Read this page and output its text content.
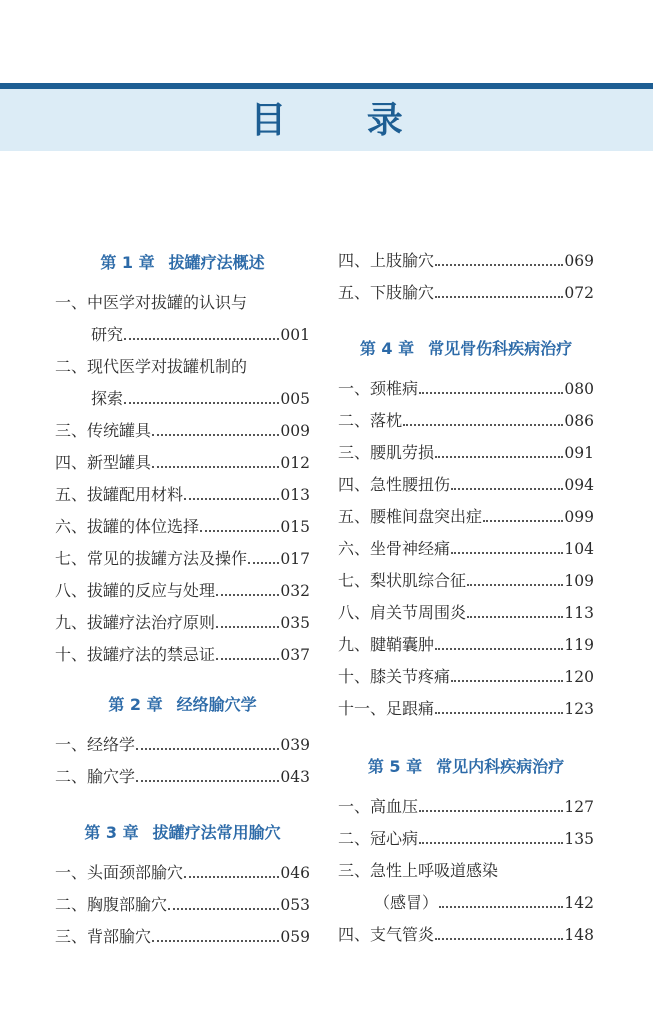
目 录
第 1 章 拔罐疗法概述
一、中医学对拔罐的认识与
研究	001
二、现代医学对拔罐机制的
探索	005
三、传统罐具	009
四、新型罐具	012
五、拔罐配用材料	013
六、拔罐的体位选择	015
七、常见的拔罐方法及操作 017
八、拔罐的反应与处理	032
九、拔罐疗法治疗原则	035
十、拔罐疗法的禁忌证	037
第 2 章 经络腧穴学
一、经络学	039
二、腧穴学	043
第 3 章 拔罐疗法常用腧穴
一、头面颈部腧穴	046
二、胸腹部腧穴	053
三、背部腧穴	059
四、上肢腧穴	069
五、下肢腧穴	072
第 4 章 常见骨伤科疾病治疗
一、颈椎病	080
二、落枕	086
三、腰肌劳损	091
四、急性腰扭伤	094
五、腰椎间盘突出症	099
六、坐骨神经痛	104
七、梨状肌综合征	109
八、肩关节周围炎	113
九、腱鞘囊肿	119
十、膝关节疼痛	120
十一、足跟痛	123
第 5 章 常见内科疾病治疗
一、高血压	127
二、冠心病	135
三、急性上呼吸道感染
（感冒）	142
四、支气管炎	148
